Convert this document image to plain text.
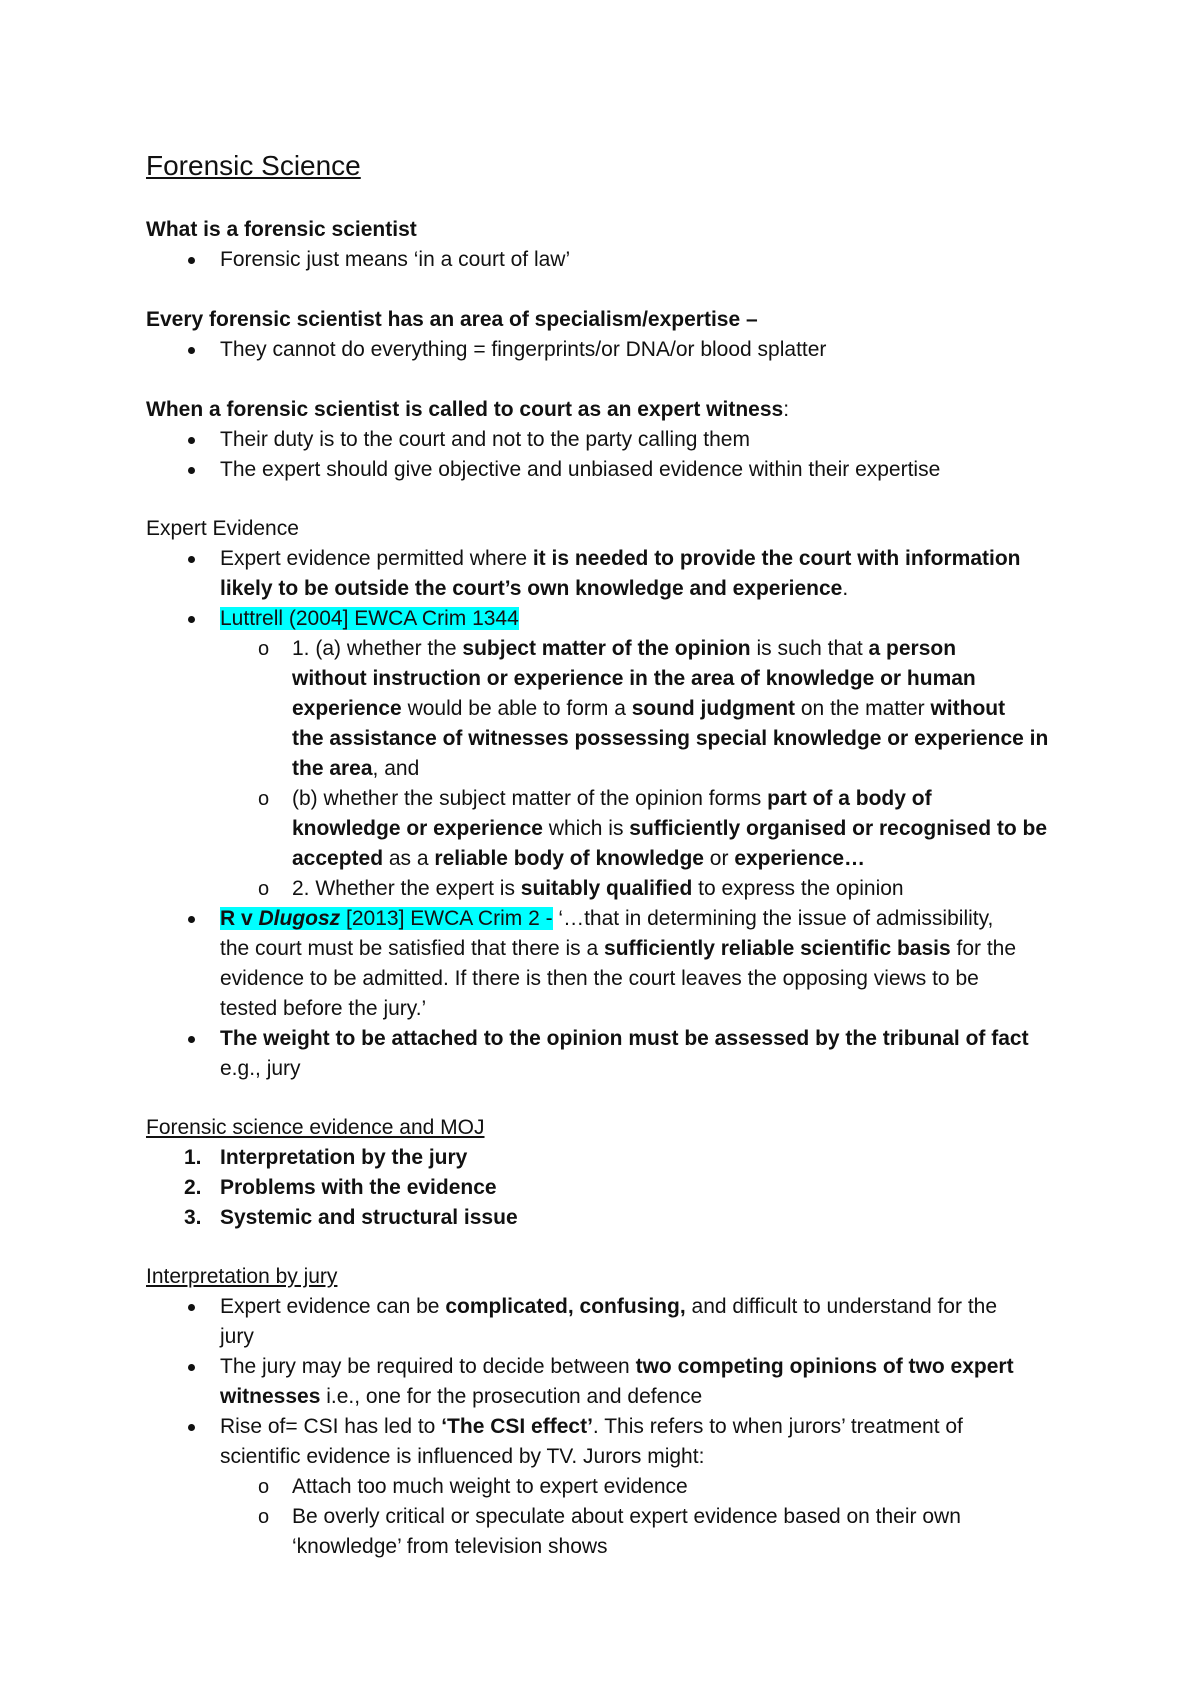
Forensic Science
What is a forensic scientist
Forensic just means ‘in a court of law’
Every forensic scientist has an area of specialism/expertise –
They cannot do everything = fingerprints/or DNA/or blood splatter
When a forensic scientist is called to court as an expert witness:
Their duty is to the court and not to the party calling them
The expert should give objective and unbiased evidence within their expertise
Expert Evidence
Expert evidence permitted where it is needed to provide the court with information
likely to be outside the court’s own knowledge and experience.
Luttrell (2004] EWCA Crim 1344
o 1. (a) whether the subject matter of the opinion is such that a person
without instruction or experience in the area of knowledge or human
experience would be able to form a sound judgment on the matter without
the assistance of witnesses possessing special knowledge or experience in
the area, and
o (b) whether the subject matter of the opinion forms part of a body of
knowledge or experience which is sufficiently organised or recognised to be
accepted as a reliable body of knowledge or experience…
o 2. Whether the expert is suitably qualified to express the opinion
R v Dlugosz [2013] EWCA Crim 2 - ‘…that in determining the issue of admissibility,
the court must be satisfied that there is a sufficiently reliable scientific basis for the
evidence to be admitted. If there is then the court leaves the opposing views to be
tested before the jury.’
The weight to be attached to the opinion must be assessed by the tribunal of fact
e.g., jury
Forensic science evidence and MOJ
1. Interpretation by the jury
2. Problems with the evidence
3. Systemic and structural issue
Interpretation by jury
Expert evidence can be complicated, confusing, and difficult to understand for the
jury
The jury may be required to decide between two competing opinions of two expert
witnesses i.e., one for the prosecution and defence
Rise of= CSI has led to ‘The CSI effect’. This refers to when jurors’ treatment of
scientific evidence is influenced by TV. Jurors might:
o Attach too much weight to expert evidence
o Be overly critical or speculate about expert evidence based on their own
‘knowledge’ from television shows
